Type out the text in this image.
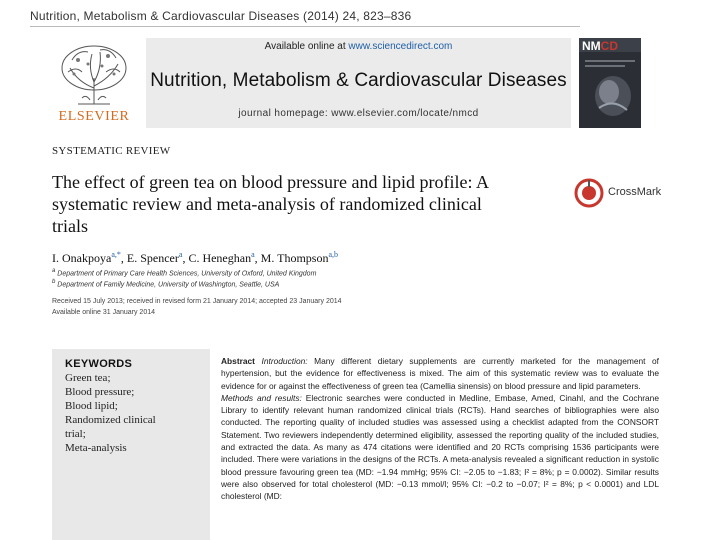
Nutrition, Metabolism & Cardiovascular Diseases (2014) 24, 823–836
ELSEVIER
Available online at www.sciencedirect.com
Nutrition, Metabolism & Cardiovascular Diseases
journal homepage: www.elsevier.com/locate/nmcd
NMCD
SYSTEMATIC REVIEW
The effect of green tea on blood pressure and lipid profile: A systematic review and meta-analysis of randomized clinical trials
CrossMark
I. Onakpoya$^{a,*}$, E. Spencer$^a$, C. Heneghan$^a$, M. Thompson$^{a,b}$
$^a$ Department of Primary Care Health Sciences, University of Oxford, United Kingdom
$^b$ Department of Family Medicine, University of Washington, Seattle, USA
Received 15 July 2013; received in revised form 21 January 2014; accepted 23 January 2014
Available online 31 January 2014
KEYWORDS
Green tea;
Blood pressure;
Blood lipid;
Randomized clinical
trial;
Meta-analysis

Abstract Introduction: Many different dietary supplements are currently marketed for the management of hypertension, but the evidence for effectiveness is mixed. The aim of this systematic review was to evaluate the evidence for or against the effectiveness of green tea (Camellia sinensis) on blood pressure and lipid parameters.

Methods and results: Electronic searches were conducted in Medline, Embase, Amed, Cinahl, and the Cochrane Library to identify relevant human randomized clinical trials (RCTs). Hand searches of bibliographies were also conducted. The reporting quality of included studies was assessed using a checklist adapted from the CONSORT Statement. Two reviewers independently determined eligibility, assessed the reporting quality of the included studies, and extracted the data. As many as 474 citations were identified and 20 RCTs comprising 1536 participants were included. There were variations in the designs of the RCTs. A meta-analysis revealed a significant reduction in systolic blood pressure favouring green tea (MD: −1.94 mmHg; 95% CI: −2.05 to −1.83; I² = 8%; p = 0.0002). Similar results were also observed for total cholesterol (MD: −0.13 mmol/l; 95% CI: −0.2 to −0.07; I² = 8%; p < 0.0001) and LDL cholesterol (MD:
